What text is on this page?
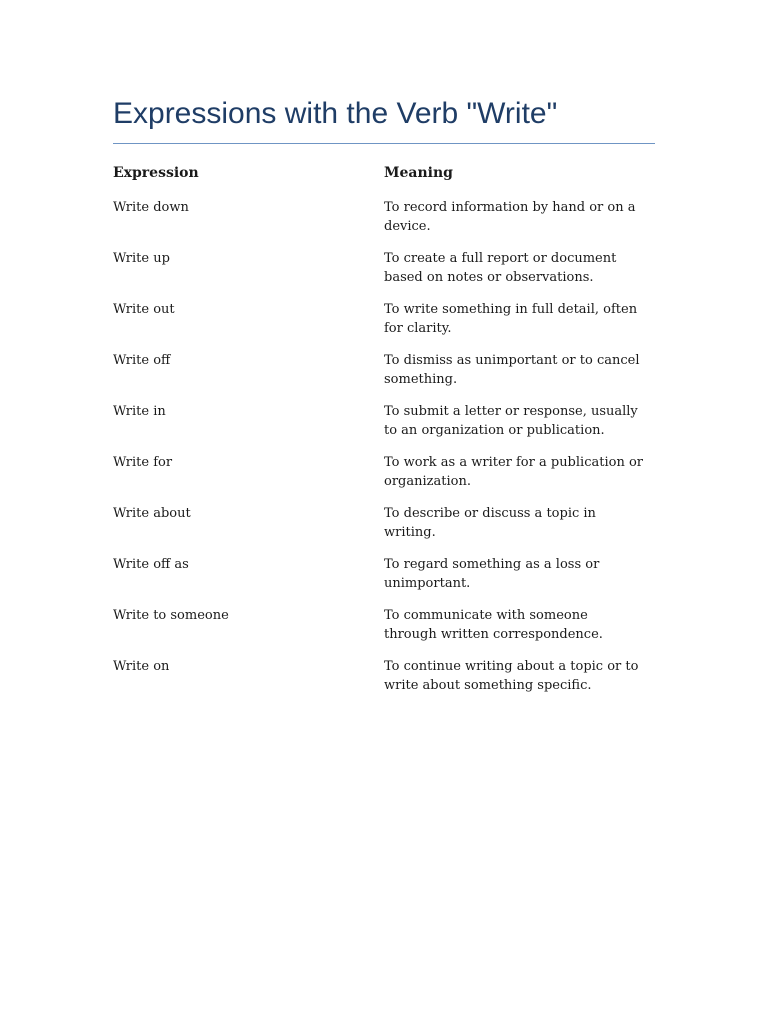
Expressions with the Verb "Write"
Expression	Meaning
Write down	To record information by hand or on a device.
Write up	To create a full report or document based on notes or observations.
Write out	To write something in full detail, often for clarity.
Write off	To dismiss as unimportant or to cancel something.
Write in	To submit a letter or response, usually to an organization or publication.
Write for	To work as a writer for a publication or organization.
Write about	To describe or discuss a topic in writing.
Write off as	To regard something as a loss or unimportant.
Write to someone	To communicate with someone through written correspondence.
Write on	To continue writing about a topic or to write about something specific.
